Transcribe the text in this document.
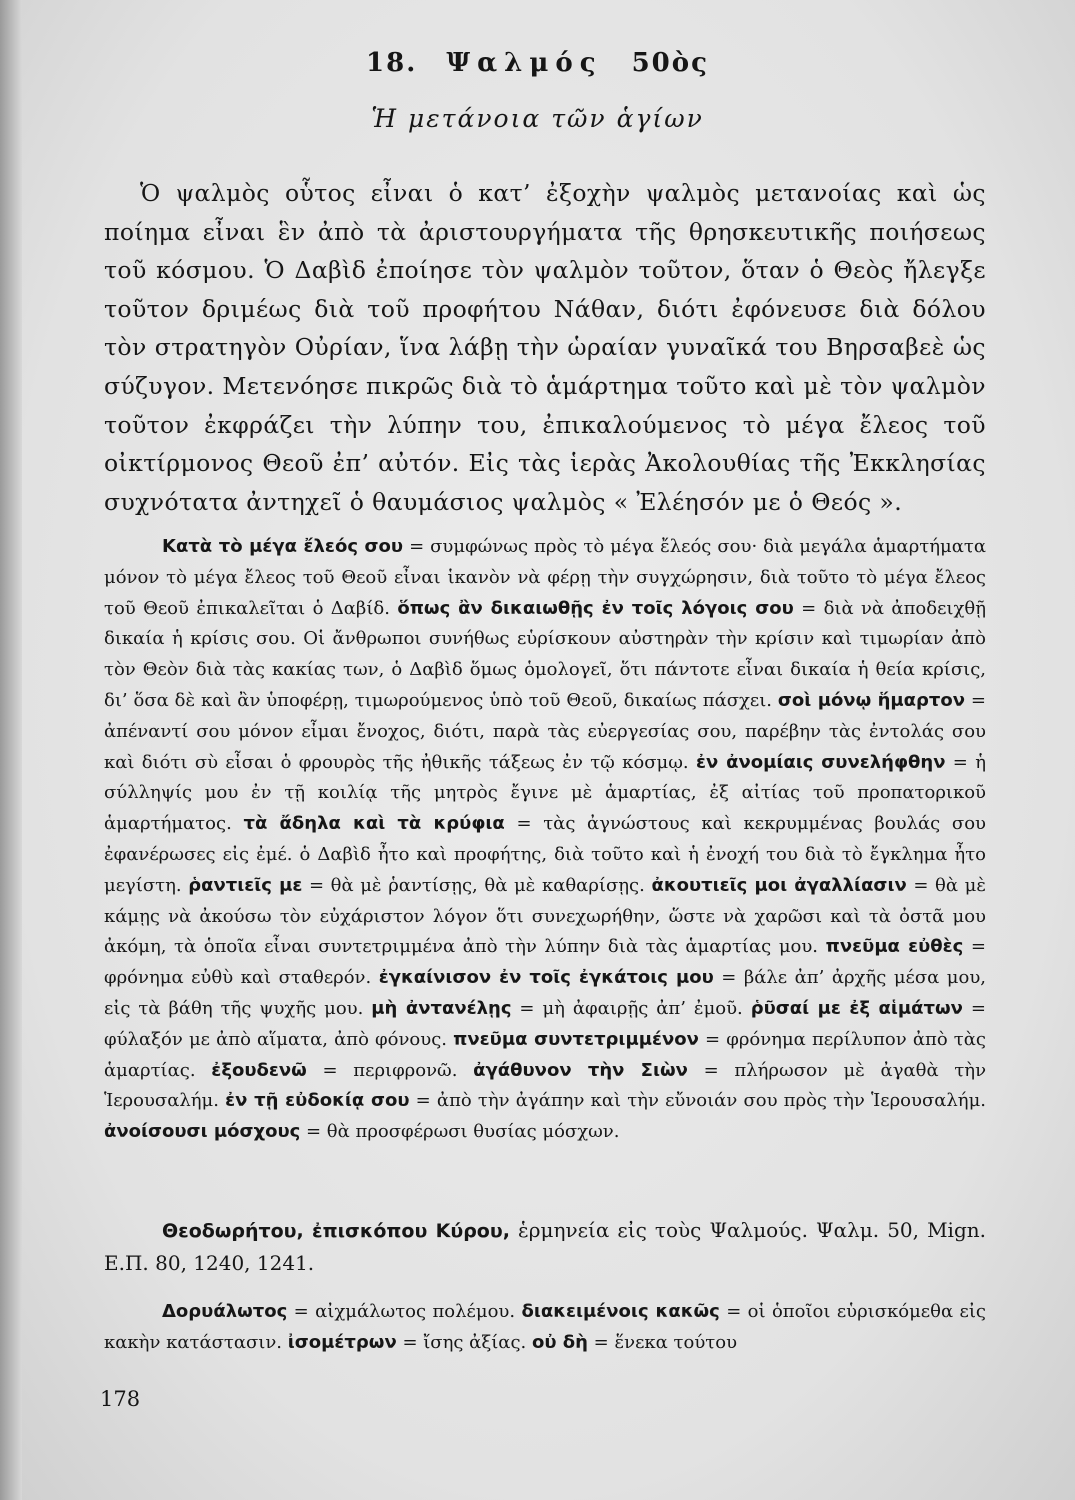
18. Ψαλμός 50ὸς
Ἡ μετάνοια τῶν ἁγίων

Ὁ ψαλμὸς οὗτος εἶναι ὁ κατ’ ἐξοχὴν ψαλμὸς μετανοίας καὶ ὡς ποίημα εἶναι ἓν ἀπὸ τὰ ἀριστουργήματα τῆς θρησκευτικῆς ποιήσεως τοῦ κόσμου. Ὁ Δαβὶδ ἐποίησε τὸν ψαλμὸν τοῦτον, ὅταν ὁ Θεὸς ἤλεγξε τοῦτον δριμέως διὰ τοῦ προφήτου Νάθαν, διότι ἐφόνευσε διὰ δόλου τὸν στρατηγὸν Οὐρίαν, ἵνα λάβῃ τὴν ὡραίαν γυναῖκά του Βηρσαβεὲ ὡς σύζυγον. Μετενόησε πικρῶς διὰ τὸ ἁμάρτημα τοῦτο καὶ μὲ τὸν ψαλμὸν τοῦτον ἐκφράζει τὴν λύπην του, ἐπικαλούμενος τὸ μέγα ἔλεος τοῦ οἰκτίρμονος Θεοῦ ἐπ’ αὐτόν. Εἰς τὰς ἱερὰς Ἀκολουθίας τῆς Ἐκκλησίας συχνότατα ἀντηχεῖ ὁ θαυμάσιος ψαλμὸς « Ἐλέησόν με ὁ Θεός ».

Κατὰ τὸ μέγα ἔλεός σου = συμφώνως πρὸς τὸ μέγα ἔλεός σου· διὰ μεγάλα ἁμαρτήματα μόνον τὸ μέγα ἔλεος τοῦ Θεοῦ εἶναι ἱκανὸν νὰ φέρῃ τὴν συγχώρησιν, διὰ τοῦτο τὸ μέγα ἔλεος τοῦ Θεοῦ ἐπικαλεῖται ὁ Δαβίδ. ὅπως ἂν δικαιωθῇς ἐν τοῖς λόγοις σου = διὰ νὰ ἀποδειχθῇ δικαία ἡ κρίσις σου. Οἱ ἄνθρωποι συνήθως εὑρίσκουν αὐστηρὰν τὴν κρίσιν καὶ τιμωρίαν ἀπὸ τὸν Θεὸν διὰ τὰς κακίας των, ὁ Δαβὶδ ὅμως ὁμολογεῖ, ὅτι πάντοτε εἶναι δικαία ἡ θεία κρίσις, δι’ ὅσα δὲ καὶ ἂν ὑποφέρῃ, τιμωρούμενος ὑπὸ τοῦ Θεοῦ, δικαίως πάσχει. σοὶ μόνῳ ἥμαρτον = ἀπέναντί σου μόνον εἶμαι ἔνοχος, διότι, παρὰ τὰς εὐεργεσίας σου, παρέβην τὰς ἐντολάς σου καὶ διότι σὺ εἶσαι ὁ φρουρὸς τῆς ἠθικῆς τάξεως ἐν τῷ κόσμῳ. ἐν ἀνομίαις συνελήφθην = ἡ σύλληψίς μου ἐν τῇ κοιλίᾳ τῆς μητρὸς ἔγινε μὲ ἁμαρτίας, ἐξ αἰτίας τοῦ προπατορικοῦ ἁμαρτήματος. τὰ ἄδηλα καὶ τὰ κρύφια = τὰς ἀγνώστους καὶ κεκρυμμένας βουλάς σου ἐφανέρωσες εἰς ἐμέ. ὁ Δαβὶδ ἦτο καὶ προφήτης, διὰ τοῦτο καὶ ἡ ἐνοχή του διὰ τὸ ἔγκλημα ἦτο μεγίστη. ῥαντιεῖς με = θὰ μὲ ῥαντίσῃς, θὰ μὲ καθαρίσῃς. ἀκουτιεῖς μοι ἀγαλλίασιν = θὰ μὲ κάμῃς νὰ ἀκούσω τὸν εὐχάριστον λόγον ὅτι συνεχωρήθην, ὥστε νὰ χαρῶσι καὶ τὰ ὀστᾶ μου ἀκόμη, τὰ ὁποῖα εἶναι συντετριμμένα ἀπὸ τὴν λύπην διὰ τὰς ἁμαρτίας μου. πνεῦμα εὐθὲς = φρόνημα εὐθὺ καὶ σταθερόν. ἐγκαίνισον ἐν τοῖς ἐγκάτοις μου = βάλε ἀπ’ ἀρχῆς μέσα μου, εἰς τὰ βάθη τῆς ψυχῆς μου. μὴ ἀντανέλῃς = μὴ ἀφαιρῇς ἀπ’ ἐμοῦ. ῥῦσαί με ἐξ αἱμάτων = φύλαξόν με ἀπὸ αἵματα, ἀπὸ φόνους. πνεῦμα συντετριμμένον = φρόνημα περίλυπον ἀπὸ τὰς ἁμαρτίας. ἐξουδενῶ = περιφρονῶ. ἀγάθυνον τὴν Σιὼν = πλήρωσον μὲ ἀγαθὰ τὴν Ἱερουσαλήμ. ἐν τῇ εὐδοκίᾳ σου = ἀπὸ τὴν ἀγάπην καὶ τὴν εὔνοιάν σου πρὸς τὴν Ἱερουσαλήμ. ἀνοίσουσι μόσχους = θὰ προσφέρωσι θυσίας μόσχων.

Θεοδωρήτου, ἐπισκόπου Κύρου, ἑρμηνεία εἰς τοὺς Ψαλμούς. Ψαλμ. 50, Mign. Ε.Π. 80, 1240, 1241.

Δορυάλωτος = αἰχμάλωτος πολέμου. διακειμένοις κακῶς = οἱ ὁποῖοι εὑρισκόμεθα εἰς κακὴν κατάστασιν. ἰσομέτρων = ἴσης ἀξίας. οὐ δὴ = ἕνεκα τούτου

178
